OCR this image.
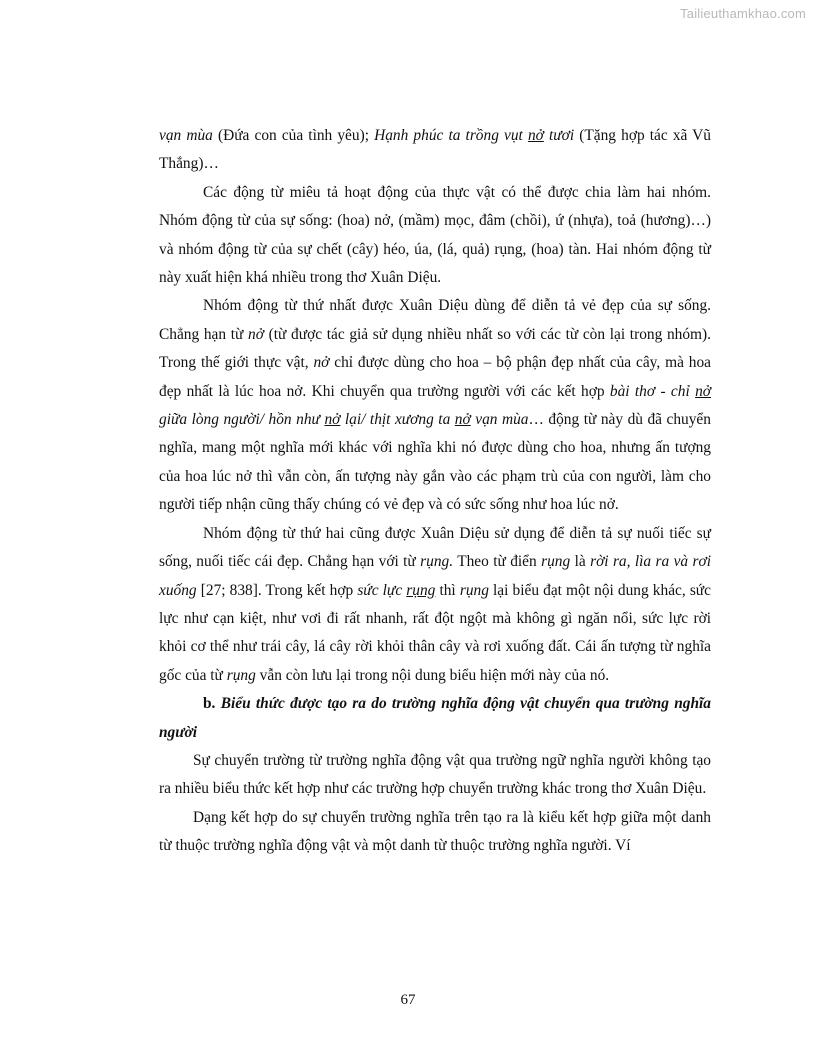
Tailieuthamkhao.com

vạn mùa (Đứa con của tình yêu); Hạnh phúc ta trồng vụt nở tươi (Tặng hợp tác xã Vũ Thắng)…

Các động từ miêu tả hoạt động của thực vật có thể được chia làm hai nhóm. Nhóm động từ của sự sống: (hoa) nở, (mầm) mọc, đâm (chồi), ứ (nhựa), toả (hương)…) và nhóm động từ của sự chết (cây) héo, úa, (lá, quả) rụng, (hoa) tàn. Hai nhóm động từ này xuất hiện khá nhiều trong thơ Xuân Diệu.

Nhóm động từ thứ nhất được Xuân Diệu dùng để diễn tả vẻ đẹp của sự sống. Chẳng hạn từ nở (từ được tác giả sử dụng nhiều nhất so với các từ còn lại trong nhóm). Trong thế giới thực vật, nở chỉ được dùng cho hoa – bộ phận đẹp nhất của cây, mà hoa đẹp nhất là lúc hoa nở. Khi chuyển qua trường người với các kết hợp bài thơ - chỉ nở giữa lòng người/ hồn như nở lại/ thịt xương ta nở vạn mùa… động từ này dù đã chuyển nghĩa, mang một nghĩa mới khác với nghĩa khi nó được dùng cho hoa, nhưng ấn tượng của hoa lúc nở thì vẫn còn, ấn tượng này gắn vào các phạm trù của con người, làm cho người tiếp nhận cũng thấy chúng có vẻ đẹp và có sức sống như hoa lúc nở.

Nhóm động từ thứ hai cũng được Xuân Diệu sử dụng để diễn tả sự nuối tiếc sự sống, nuối tiếc cái đẹp. Chẳng hạn với từ rụng. Theo từ điển rụng là rời ra, lìa ra và rơi xuống [27; 838]. Trong kết hợp sức lực rụng thì rụng lại biểu đạt một nội dung khác, sức lực như cạn kiệt, như vơi đi rất nhanh, rất đột ngột mà không gì ngăn nổi, sức lực rời khỏi cơ thể như trái cây, lá cây rời khỏi thân cây và rơi xuống đất. Cái ấn tượng từ nghĩa gốc của từ rụng vẫn còn lưu lại trong nội dung biểu hiện mới này của nó.

b. Biểu thức được tạo ra do trường nghĩa động vật chuyển qua trường nghĩa người

Sự chuyển trường từ trường nghĩa động vật qua trường ngữ nghĩa người không tạo ra nhiều biểu thức kết hợp như các trường hợp chuyển trường khác trong thơ Xuân Diệu.

Dạng kết hợp do sự chuyển trường nghĩa trên tạo ra là kiểu kết hợp giữa một danh từ thuộc trường nghĩa động vật và một danh từ thuộc trường nghĩa người. Ví

67
